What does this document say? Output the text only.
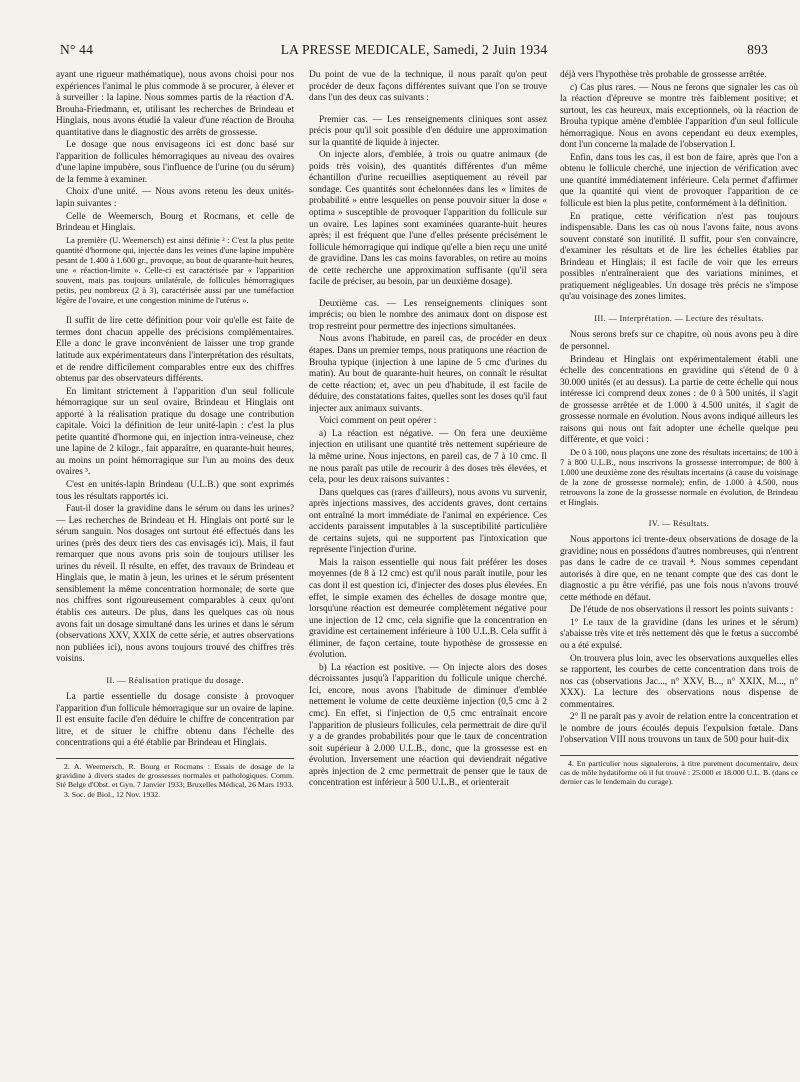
N° 44	LA PRESSE MEDICALE, Samedi, 2 Juin 1934	893

ayant une rigueur mathématique), nous avons choisi pour nos expériences l'animal le plus commode à se procurer, à élever et à surveiller : la lapine. Nous sommes partis de la réaction d'A. Brouha-Friedmann, et, utilisant les recherches de Brindeau et Hinglais, nous avons étudié la valeur d'une réaction de Brouha quantitative dans le diagnostic des arrêts de grossesse.

Le dosage que nous envisageons ici est donc basé sur l'apparition de follicules hémorragiques au niveau des ovaires d'une lapine impubère, sous l'influence de l'urine (ou du sérum) de la femme à examiner.

Choix d'une unité. — Nous avons retenu les deux unités-lapin suivantes :

Celle de Weemersch, Bourg et Rocmans, et celle de Brindeau et Hinglais.

La première (U. Weemersch) est ainsi définie ² : C'est la plus petite quantité d'hormone qui, injectée dans les veines d'une lapine impubère pesant de 1.400 à 1.600 gr., provoque, au bout de quarante-huit heures, une « réaction-limite ». Celle-ci est caractérisée par « l'apparition souvent, mais pas toujours unilatérale, de follicules hémorragiques petits, peu nombreux (2 à 3), caractérisée aussi par une tuméfaction légère de l'ovaire, et une congestion minime de l'utérus ».

Il suffit de lire cette définition pour voir qu'elle est faite de termes dont chacun appelle des précisions complémentaires. Elle a donc le grave inconvénient de laisser une trop grande latitude aux expérimentateurs dans l'interprétation des résultats, et de rendre difficilement comparables entre eux des chiffres obtenus par des observateurs différents.

En limitant strictement à l'apparition d'un seul follicule hémorragique sur un seul ovaire, Brindeau et Hinglais ont apporté à la réalisation pratique du dosage une contribution capitale. Voici la définition de leur unité-lapin : c'est la plus petite quantité d'hormone qui, en injection intra-veineuse, chez une lapine de 2 kilogr., fait apparaître, en quarante-huit heures, au moins un point hémorragique sur l'un au moins des deux ovaires ³.

C'est en unités-lapin Brindeau (U.L.B.) que sont exprimés tous les résultats rapportés ici.

Faut-il doser la gravidine dans le sérum ou dans les urines? — Les recherches de Brindeau et H. Hinglais ont porté sur le sérum sanguin. Nos dosages ont surtout été effectués dans les urines (près des deux tiers des cas envisagés ici). Mais, il faut remarquer que nous avons pris soin de toujours utiliser les urines du réveil. Il résulte, en effet, des travaux de Brindeau et Hinglais que, le matin à jeun, les urines et le sérum présentent sensiblement la même concentration hormonale; de sorte que nos chiffres sont rigoureusement comparables à ceux qu'ont établis ces auteurs. De plus, dans les quelques cas où nous avons fait un dosage simultané dans les urines et dans le sérum (observations XXV, XXIX de cette série, et autres observations non publiées ici), nous avons toujours trouvé des chiffres très voisins.

II. — Réalisation pratique du dosage.

La partie essentielle du dosage consiste à provoquer l'apparition d'un follicule hémorragique sur un ovaire de lapine. Il est ensuite facile d'en déduire le chiffre de concentration par litre, et de situer le chiffre obtenu dans l'échelle des concentrations qui a été établie par Brindeau et Hinglais.

2. A. Weemersch, R. Bourg et Rocmans : Essais de dosage de la gravidine à divers stades de grossesses normales et pathologiques. Comm. Sté Belge d'Obst. et Gyn. 7 Janvier 1933; Bruxelles Médical, 26 Mars 1933.

3. Soc. de Biol., 12 Nov. 1932.

Du point de vue de la technique, il nous paraît qu'on peut procéder de deux façons différentes suivant que l'on se trouve dans l'un des deux cas suivants :

Premier cas. — Les renseignements cliniques sont assez précis pour qu'il soit possible d'en déduire une approximation sur la quantité de liquide à injecter.

On injecte alors, d'emblée, à trois ou quatre animaux (de poids très voisin), des quantités différentes d'un même échantillon d'urine recueillies aseptiquement au réveil par sondage. Ces quantités sont échelonnées dans les « limites de probabilité » entre lesquelles on pense pouvoir situer la dose « optima » susceptible de provoquer l'apparition du follicule sur un ovaire. Les lapines sont examinées quarante-huit heures après; il est fréquent que l'une d'elles présente précisément le follicule hémorragique qui indique qu'elle a bien reçu une unité de gravidine. Dans les cas moins favorables, on retire au moins de cette recherche une approximation suffisante (qu'il sera facile de préciser, au besoin, par un deuxième dosage).

Deuxième cas. — Les renseignements cliniques sont imprécis; ou bien le nombre des animaux dont on dispose est trop restreint pour permettre des injections simultanées.

Nous avons l'habitude, en pareil cas, de procéder en deux étapes. Dans un premier temps, nous pratiquons une réaction de Brouha typique (injection à une lapine de 5 cmc d'urines du matin). Au bout de quarante-huit heures, on connaît le résultat de cette réaction; et, avec un peu d'habitude, il est facile de déduire, des constatations faites, quelles sont les doses qu'il faut injecter aux animaux suivants.

Voici comment on peut opérer :

a) La réaction est négative. — On fera une deuxième injection en utilisant une quantité très nettement supérieure de la même urine. Nous injectons, en pareil cas, de 7 à 10 cmc. Il ne nous paraît pas utile de recourir à des doses très élevées, et cela, pour les deux raisons suivantes :

Dans quelques cas (rares d'ailleurs), nous avons vu survenir, après injections massives, des accidents graves, dont certains ont entraîné la mort immédiate de l'animal en expérience. Ces accidents paraissent imputables à la susceptibilité particulière de certains sujets, qui ne supportent pas l'intoxication que représente l'injection d'urine.

Mais la raison essentielle qui nous fait préférer les doses moyennes (de 8 à 12 cmc) est qu'il nous paraît inutile, pour les cas dont il est question ici, d'injecter des doses plus élevées. En effet, le simple examen des échelles de dosage montre que, lorsqu'une réaction est demeurée complètement négative pour une injection de 12 cmc, cela signifie que la concentration en gravidine est certainement inférieure à 100 U.L.B. Cela suffit à éliminer, de façon certaine, toute hypothèse de grossesse en évolution.

b) La réaction est positive. — On injecte alors des doses décroissantes jusqu'à l'apparition du follicule unique cherché. Ici, encore, nous avons l'habitude de diminuer d'emblée nettement le volume de cette deuxième injection (0,5 cmc à 2 cmc). En effet, si l'injection de 0,5 cmc entraînait encore l'apparition de plusieurs follicules, cela permettrait de dire qu'il y a de grandes probabilités pour que le taux de concentration soit supérieur à 2.000 U.L.B., donc, que la grossesse est en évolution. Inversement une réaction qui deviendrait négative après injection de 2 cmc permettrait de penser que le taux de concentration est inférieur à 500 U.L.B., et orienterait

déjà vers l'hypothèse très probable de grossesse arrêtée.

c) Cas plus rares. — Nous ne ferons que signaler les cas où la réaction d'épreuve se montre très faiblement positive; et surtout, les cas heureux, mais exceptionnels, où la réaction de Brouha typique amène d'emblée l'apparition d'un seul follicule hémorragique. Nous en avons cependant eu deux exemples, dont l'un concerne la malade de l'observation I.

Enfin, dans tous les cas, il est bon de faire, après que l'on a obtenu le follicule cherché, une injection de vérification avec une quantité immédiatement inférieure. Cela permet d'affirmer que la quantité qui vient de provoquer l'apparition de ce follicule est bien la plus petite, conformément à la définition.

En pratique, cette vérification n'est pas toujours indispensable. Dans les cas où nous l'avons faite, nous avons souvent constaté son inutilité. Il suffit, pour s'en convaincre, d'examiner les résultats et de lire les échelles établies par Brindeau et Hinglais; il est facile de voir que les erreurs possibles n'entraîneraient que des variations minimes, et pratiquement négligeables. Un dosage très précis ne s'impose qu'au voisinage des zones limites.

III. — Interprétation. — Lecture des résultats.

Nous serons brefs sur ce chapitre, où nous avons peu à dire de personnel.

Brindeau et Hinglais ont expérimentalement établi une échelle des concentrations en gravidine qui s'étend de 0 à 30.000 unités (et au dessus). La partie de cette échelle qui nous intéresse ici comprend deux zones : de 0 à 500 unités, il s'agit de grossesse arrêtée et de 1.000 à 4.500 unités, il s'agit de grossesse normale en évolution. Nous avons indiqué ailleurs les raisons qui nous ont fait adopter une échelle quelque peu différente, et que voici :

De 0 à 100, nous plaçons une zone des résultats incertains; de 100 à 7 à 800 U.L.B., nous inscrivons la grossesse interrompue; de 800 à 1.000 une deuxième zone des résultats incertains (à cause du voisinage de la zone de grossesse normale); enfin, de 1.000 à 4.500, nous retrouvons la zone de la grossesse normale en évolution, de Brindeau et Hinglais.

IV. — Résultats.

Nous apportons ici trente-deux observations de dosage de la gravidine; nous en possédons d'autres nombreuses, qui n'entrent pas dans le cadre de ce travail ⁴. Nous sommes cependant autorisés à dire que, en ne tenant compte que des cas dont le diagnostic a pu être vérifié, pas une fois nous n'avons trouvé cette méthode en défaut.

De l'étude de nos observations il ressort les points suivants :

1° Le taux de la gravidine (dans les urines et le sérum) s'abaisse très vite et très nettement dès que le fœtus a succombé ou a été expulsé.

On trouvera plus loin, avec les observations auxquelles elles se rapportent, les courbes de cette concentration dans trois de nos cas (observations Jac..., n° XXV, B..., n° XXIX, M..., n° XXX). La lecture des observations nous dispense de commentaires.

2° Il ne paraît pas y avoir de relation entre la concentration et le nombre de jours écoulés depuis l'expulsion fœtale. Dans l'observation VIII nous trouvons un taux de 500 pour huit-dix

4. En particulier nous signalerons, à titre purement documentaire, deux cas de môle hydatiforme où il fut trouvé : 25.000 et 18.000 U.L. B. (dans ce dernier cas le lendemain du curage).
